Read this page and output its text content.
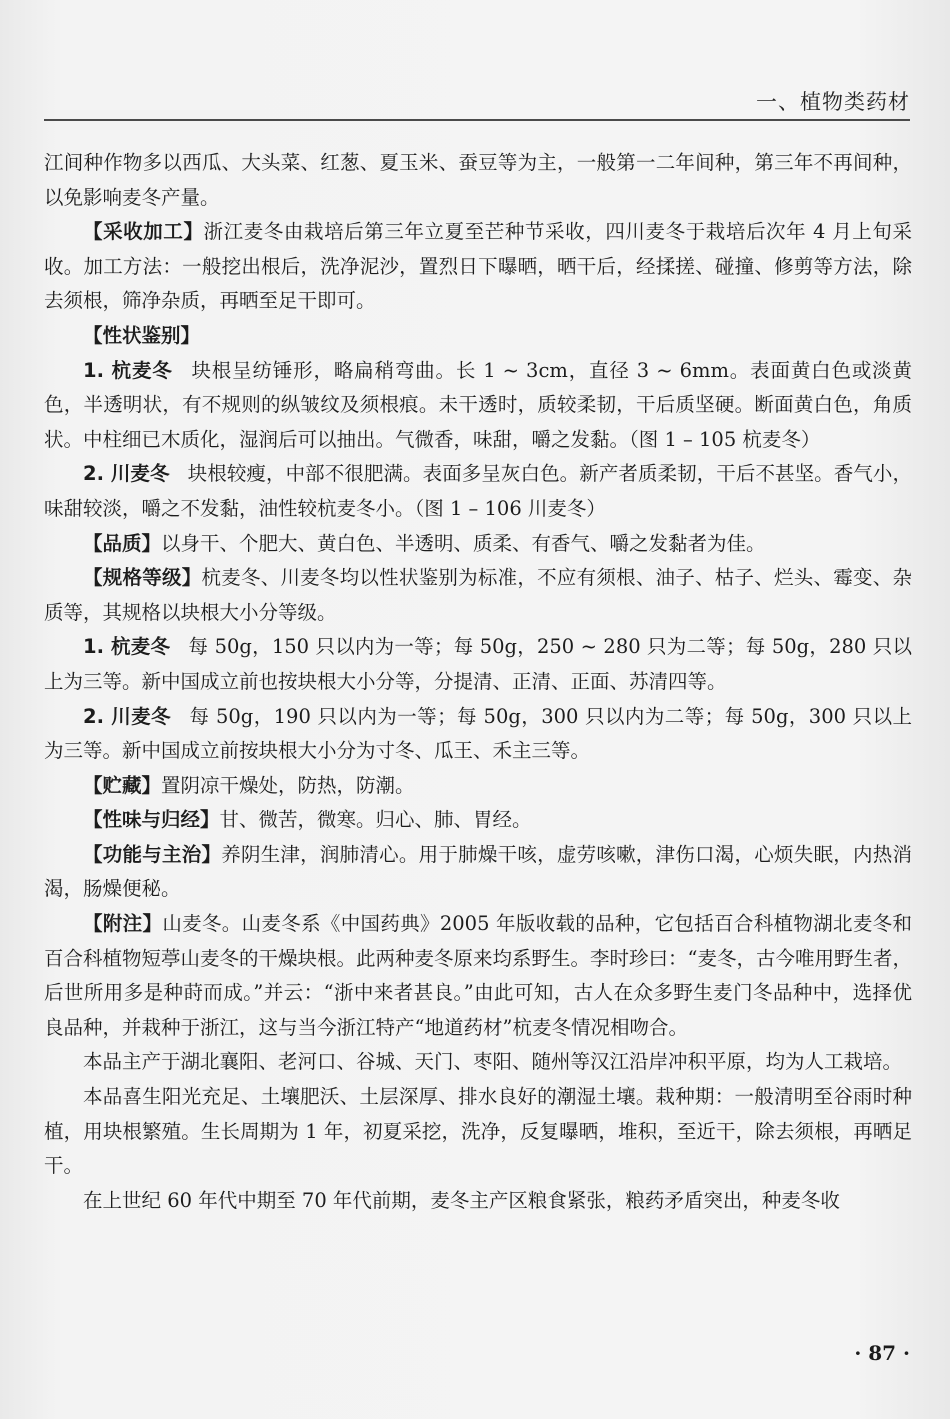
一、植物类药材

江间种作物多以西瓜、大头菜、红葱、夏玉米、蚕豆等为主，一般第一二年间种，第三年不再间种，以免影响麦冬产量。

【采收加工】浙江麦冬由栽培后第三年立夏至芒种节采收，四川麦冬于栽培后次年 4 月上旬采收。加工方法：一般挖出根后，洗净泥沙，置烈日下曝晒，晒干后，经揉搓、碰撞、修剪等方法，除去须根，筛净杂质，再晒至足干即可。

【性状鉴别】

1. 杭麦冬 块根呈纺锤形，略扁稍弯曲。长 1 ~ 3cm，直径 3 ~ 6mm。表面黄白色或淡黄色，半透明状，有不规则的纵皱纹及须根痕。未干透时，质较柔韧，干后质坚硬。断面黄白色，角质状。中柱细已木质化，湿润后可以抽出。气微香，味甜，嚼之发黏。（图 1 – 105 杭麦冬）

2. 川麦冬 块根较瘦，中部不很肥满。表面多呈灰白色。新产者质柔韧，干后不甚坚。香气小，味甜较淡，嚼之不发黏，油性较杭麦冬小。（图 1 – 106 川麦冬）

【品质】以身干、个肥大、黄白色、半透明、质柔、有香气、嚼之发黏者为佳。

【规格等级】杭麦冬、川麦冬均以性状鉴别为标准，不应有须根、油子、枯子、烂头、霉变、杂质等，其规格以块根大小分等级。

1. 杭麦冬 每 50g，150 只以内为一等；每 50g，250 ~ 280 只为二等；每 50g，280 只以上为三等。新中国成立前也按块根大小分等，分提清、正清、正面、苏清四等。

2. 川麦冬 每 50g，190 只以内为一等；每 50g，300 只以内为二等；每 50g，300 只以上为三等。新中国成立前按块根大小分为寸冬、瓜王、禾主三等。

【贮藏】置阴凉干燥处，防热，防潮。

【性味与归经】甘、微苦，微寒。归心、肺、胃经。

【功能与主治】养阴生津，润肺清心。用于肺燥干咳，虚劳咳嗽，津伤口渴，心烦失眠，内热消渴，肠燥便秘。

【附注】山麦冬。山麦冬系《中国药典》2005 年版收载的品种，它包括百合科植物湖北麦冬和百合科植物短葶山麦冬的干燥块根。此两种麦冬原来均系野生。李时珍曰：“麦冬，古今唯用野生者，后世所用多是种莳而成。”并云：“浙中来者甚良。”由此可知，古人在众多野生麦门冬品种中，选择优良品种，并栽种于浙江，这与当今浙江特产“地道药材”杭麦冬情况相吻合。

本品主产于湖北襄阳、老河口、谷城、天门、枣阳、随州等汉江沿岸冲积平原，均为人工栽培。

本品喜生阳光充足、土壤肥沃、土层深厚、排水良好的潮湿土壤。栽种期：一般清明至谷雨时种植，用块根繁殖。生长周期为 1 年，初夏采挖，洗净，反复曝晒，堆积，至近干，除去须根，再晒足干。

在上世纪 60 年代中期至 70 年代前期，麦冬主产区粮食紧张，粮药矛盾突出，种麦冬收

· 87 ·
